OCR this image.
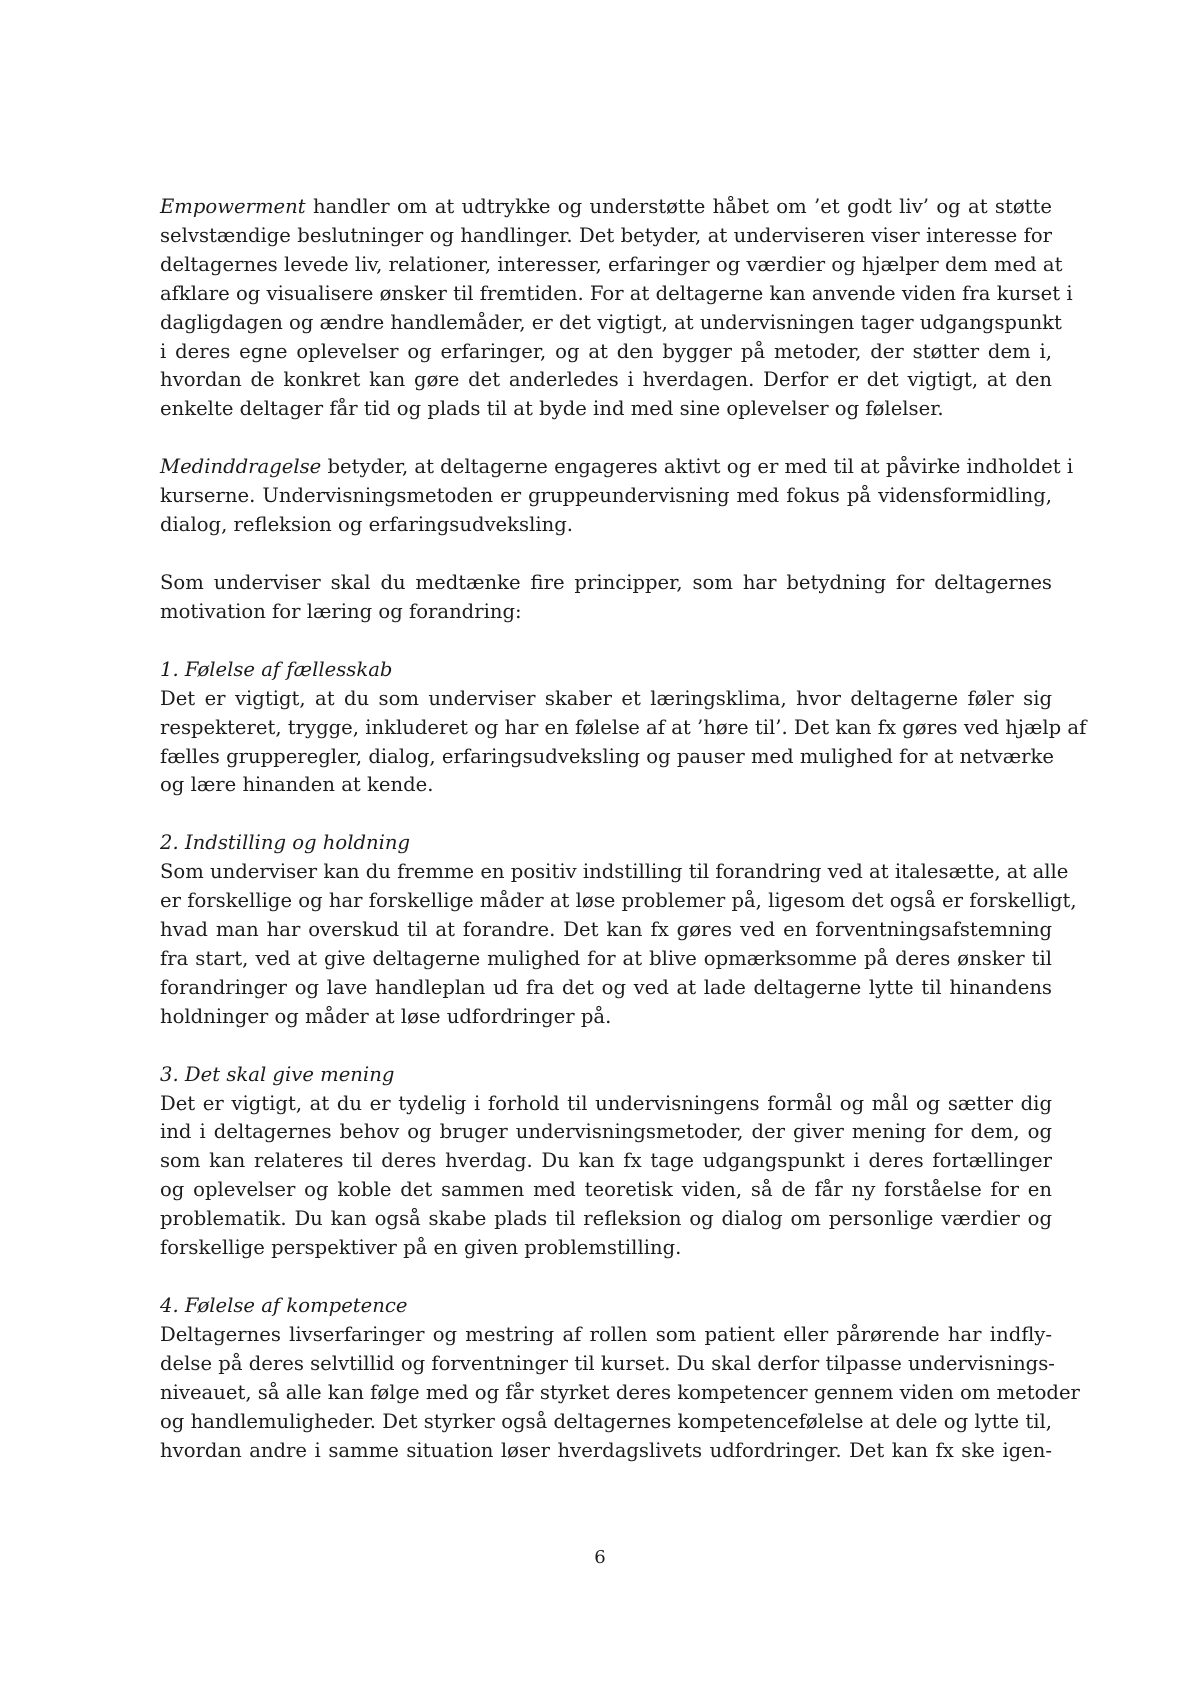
Empowerment handler om at udtrykke og understøtte håbet om ’et godt liv’ og at støtte
selvstændige beslutninger og handlinger. Det betyder, at underviseren viser interesse for
deltagernes levede liv, relationer, interesser, erfaringer og værdier og hjælper dem med at
afklare og visualisere ønsker til fremtiden. For at deltagerne kan anvende viden fra kurset i
dagligdagen og ændre handlemåder, er det vigtigt, at undervisningen tager udgangspunkt
i deres egne oplevelser og erfaringer, og at den bygger på metoder, der støtter dem i,
hvordan de konkret kan gøre det anderledes i hverdagen. Derfor er det vigtigt, at den
enkelte deltager får tid og plads til at byde ind med sine oplevelser og følelser.

Medinddragelse betyder, at deltagerne engageres aktivt og er med til at påvirke indholdet i
kurserne. Undervisningsmetoden er gruppeundervisning med fokus på vidensformidling,
dialog, refleksion og erfaringsudveksling.

Som underviser skal du medtænke fire principper, som har betydning for deltagernes
motivation for læring og forandring:

1. Følelse af fællesskab

Det er vigtigt, at du som underviser skaber et læringsklima, hvor deltagerne føler sig
respekteret, trygge, inkluderet og har en følelse af at ’høre til’. Det kan fx gøres ved hjælp af
fælles grupperegler, dialog, erfaringsudveksling og pauser med mulighed for at netværke
og lære hinanden at kende.

2. Indstilling og holdning

Som underviser kan du fremme en positiv indstilling til forandring ved at italesætte, at alle
er forskellige og har forskellige måder at løse problemer på, ligesom det også er forskelligt,
hvad man har overskud til at forandre. Det kan fx gøres ved en forventningsafstemning
fra start, ved at give deltagerne mulighed for at blive opmærksomme på deres ønsker til
forandringer og lave handleplan ud fra det og ved at lade deltagerne lytte til hinandens
holdninger og måder at løse udfordringer på.

3. Det skal give mening

Det er vigtigt, at du er tydelig i forhold til undervisningens formål og mål og sætter dig
ind i deltagernes behov og bruger undervisningsmetoder, der giver mening for dem, og
som kan relateres til deres hverdag. Du kan fx tage udgangspunkt i deres fortællinger
og oplevelser og koble det sammen med teoretisk viden, så de får ny forståelse for en
problematik. Du kan også skabe plads til refleksion og dialog om personlige værdier og
forskellige perspektiver på en given problemstilling.

4. Følelse af kompetence

Deltagernes livserfaringer og mestring af rollen som patient eller pårørende har indfly-
delse på deres selvtillid og forventninger til kurset. Du skal derfor tilpasse undervisnings-
niveauet, så alle kan følge med og får styrket deres kompetencer gennem viden om metoder
og handlemuligheder. Det styrker også deltagernes kompetencefølelse at dele og lytte til,
hvordan andre i samme situation løser hverdagslivets udfordringer. Det kan fx ske igen-

6
